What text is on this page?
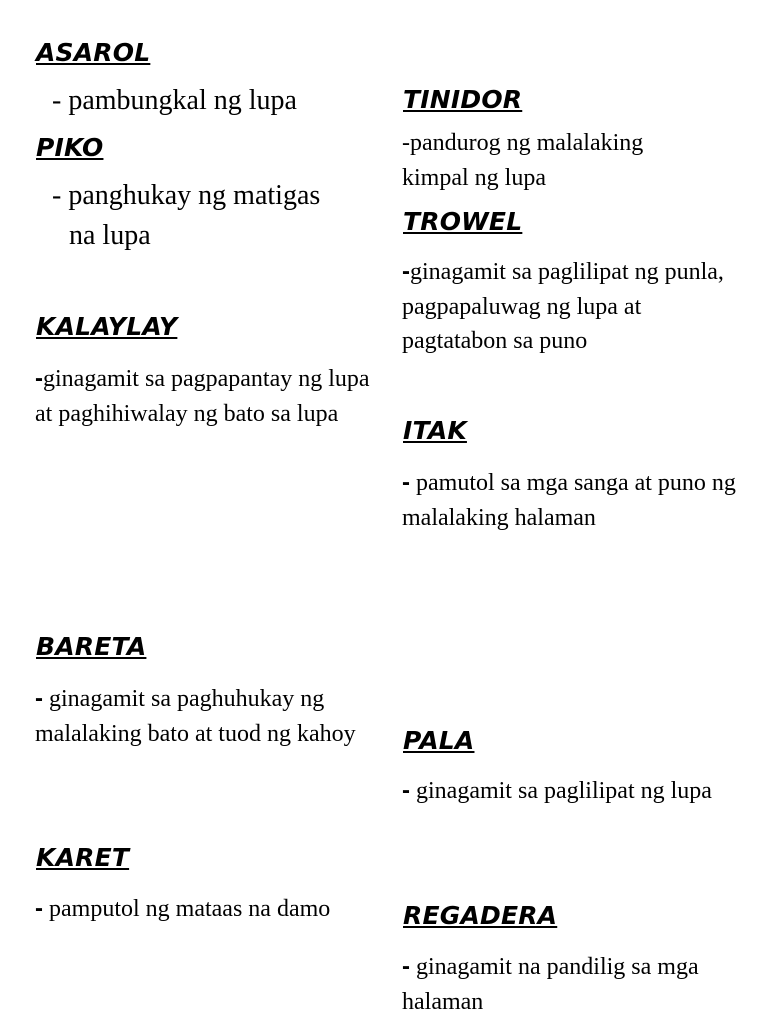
ASAROL
- pambungkal ng lupa
PIKO
- panghukay ng matigas
na lupa
KALAYLAY
-ginagamit sa pagpapantay ng lupa at paghihiwalay ng bato sa lupa
BARETA
- ginagamit sa paghuhukay ng malalaking bato at tuod ng kahoy
KARET
- pamputol ng mataas na damo
TINIDOR
-pandurog ng malalaking kimpal ng lupa
TROWEL
-ginagamit sa paglilipat ng punla, pagpapaluwag ng lupa at pagtatabon sa puno
ITAK
- pamutol sa mga sanga at puno ng malalaking halaman
PALA
- ginagamit sa paglilipat ng lupa
REGADERA
- ginagamit na pandilig sa mga halaman
